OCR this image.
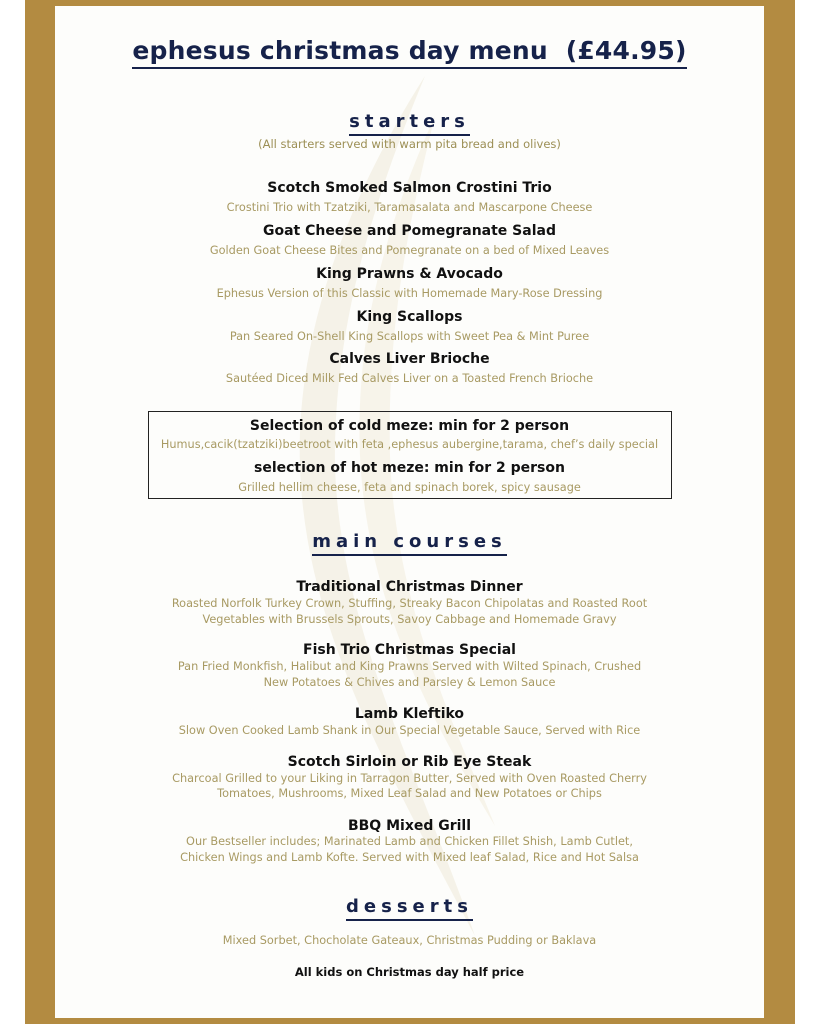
ephesus christmas day menu  (£44.95)

starters

(All starters served with warm pita bread and olives)

Scotch Smoked Salmon Crostini Trio

Crostini Trio with Tzatziki, Taramasalata and Mascarpone Cheese

Goat Cheese and Pomegranate Salad

Golden Goat Cheese Bites and Pomegranate on a bed of Mixed Leaves

King Prawns & Avocado

Ephesus Version of this Classic with Homemade Mary-Rose Dressing

King Scallops

Pan Seared On-Shell King Scallops with Sweet Pea & Mint Puree

Calves Liver Brioche

Sautéed Diced Milk Fed Calves Liver on a Toasted French Brioche

Selection of cold meze: min for 2 person

Humus,cacik(tzatziki)beetroot with feta ,ephesus aubergine,tarama, chef’s daily special

selection of hot meze: min for 2 person

Grilled hellim cheese, feta and spinach borek, spicy sausage

main courses

Traditional Christmas Dinner

Roasted Norfolk Turkey Crown, Stuffing, Streaky Bacon Chipolatas and Roasted Root

Vegetables with Brussels Sprouts, Savoy Cabbage and Homemade Gravy

Fish Trio Christmas Special

Pan Fried Monkfish, Halibut and King Prawns Served with Wilted Spinach, Crushed

New Potatoes & Chives and Parsley & Lemon Sauce

Lamb Kleftiko

Slow Oven Cooked Lamb Shank in Our Special Vegetable Sauce, Served with Rice

Scotch Sirloin or Rib Eye Steak

Charcoal Grilled to your Liking in Tarragon Butter, Served with Oven Roasted Cherry

Tomatoes, Mushrooms, Mixed Leaf Salad and New Potatoes or Chips

BBQ Mixed Grill

Our Bestseller includes; Marinated Lamb and Chicken Fillet Shish, Lamb Cutlet,

Chicken Wings and Lamb Kofte. Served with Mixed leaf Salad, Rice and Hot Salsa

desserts

Mixed Sorbet, Chocholate Gateaux, Christmas Pudding or Baklava

All kids on Christmas day half price
